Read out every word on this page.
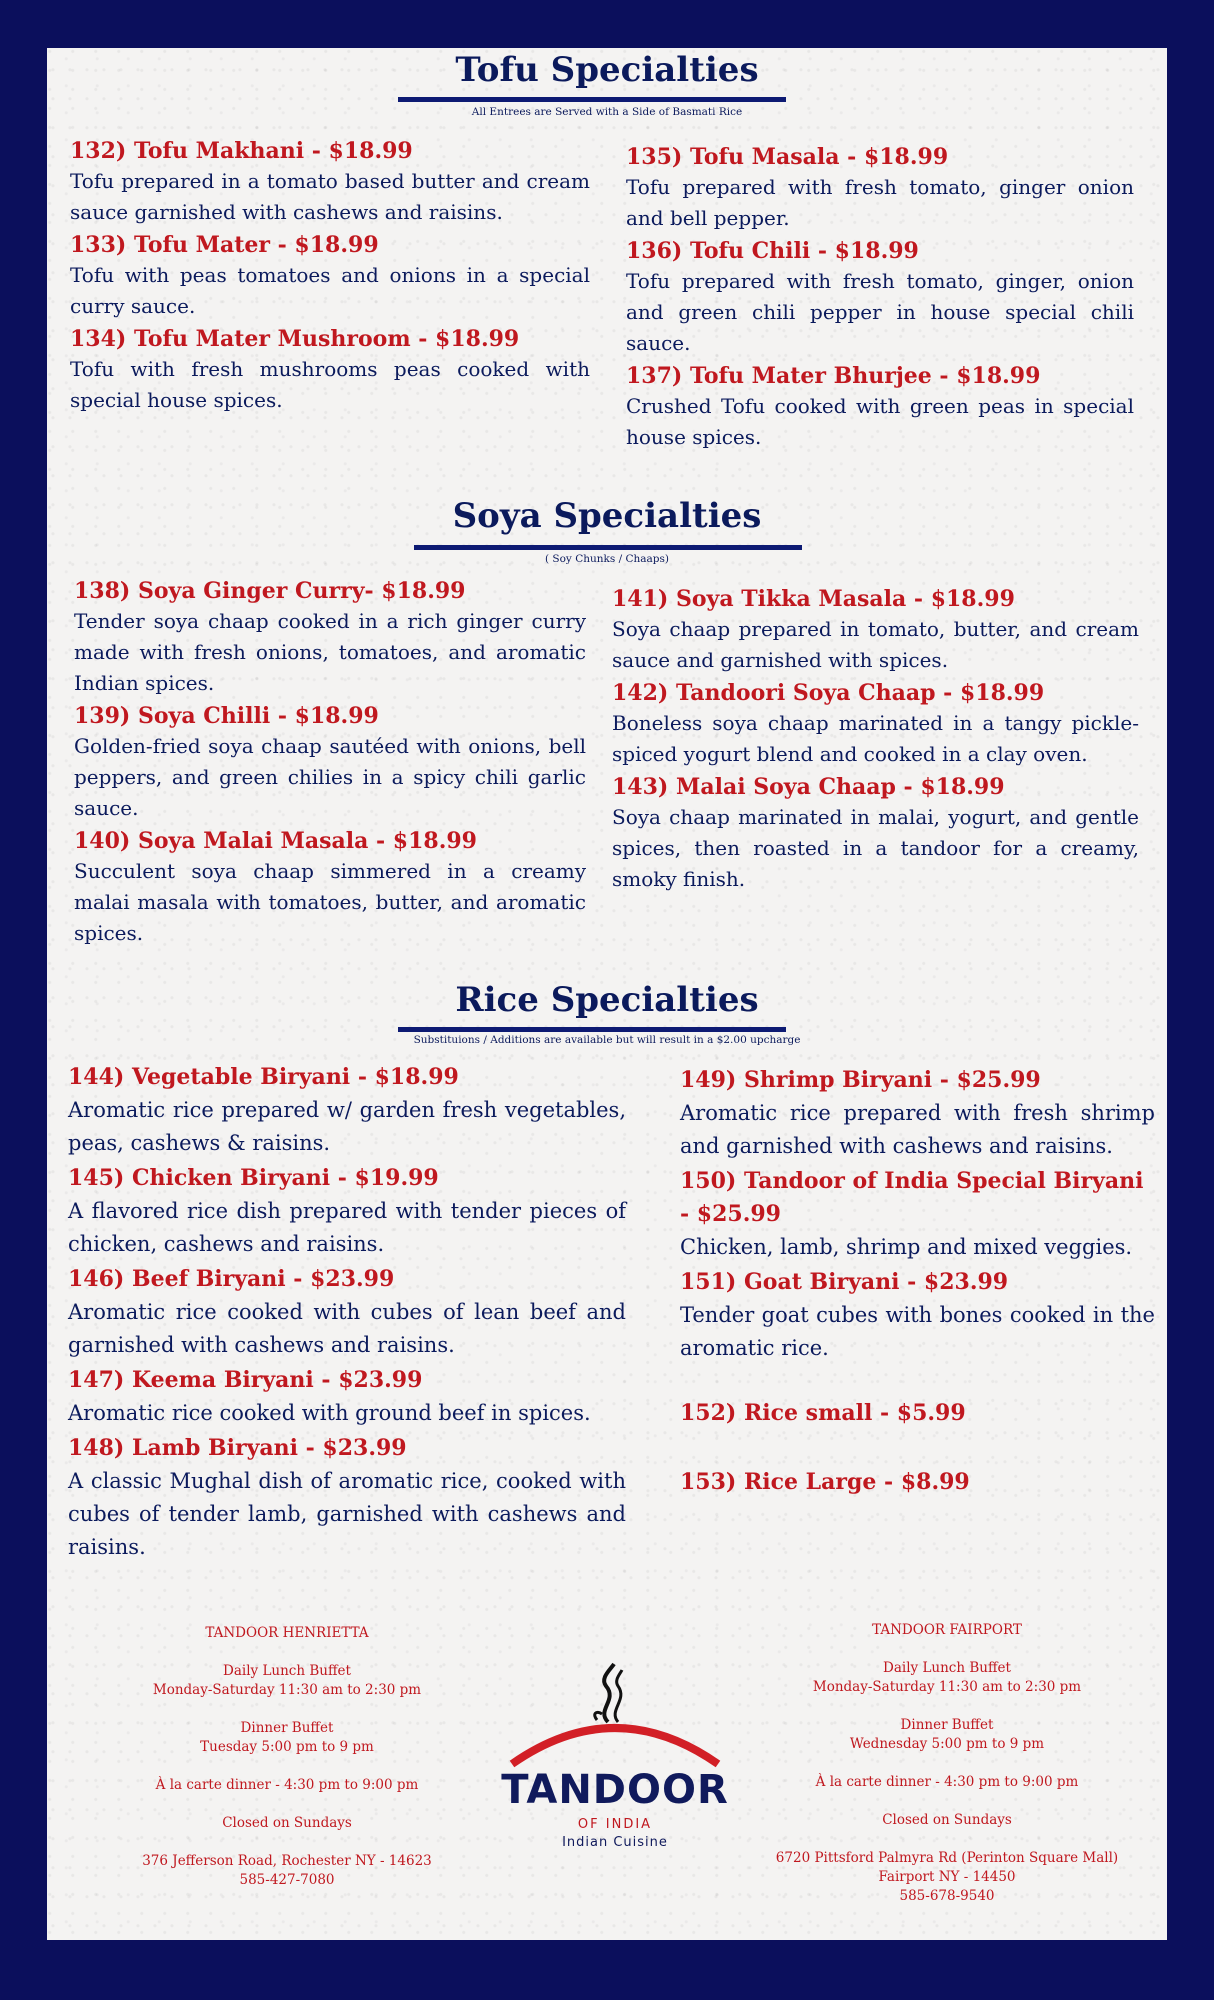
Tofu Specialties

All Entrees are Served with a Side of Basmati Rice

132) Tofu Makhani - $18.99

Tofu prepared in a tomato based butter and cream sauce garnished with cashews and raisins.

133) Tofu Mater - $18.99

Tofu with peas tomatoes and onions in a special curry sauce.

134) Tofu Mater Mushroom - $18.99

Tofu with fresh mushrooms peas cooked with special house spices.

135) Tofu Masala - $18.99

Tofu prepared with fresh tomato, ginger onion and bell pepper.

136) Tofu Chili - $18.99

Tofu prepared with fresh tomato, ginger, onion and green chili pepper in house special chili sauce.

137) Tofu Mater Bhurjee - $18.99

Crushed Tofu cooked with green peas in special house spices.

Soya Specialties

( Soy Chunks / Chaaps)

138) Soya Ginger Curry- $18.99

Tender soya chaap cooked in a rich ginger curry made with fresh onions, tomatoes, and aromatic Indian spices.

139) Soya Chilli - $18.99

Golden-fried soya chaap sautéed with onions, bell peppers, and green chilies in a spicy chili garlic sauce.

140) Soya Malai Masala - $18.99

Succulent soya chaap simmered in a creamy malai masala with tomatoes, butter, and aromatic spices.

141) Soya Tikka Masala - $18.99

Soya chaap prepared in tomato, butter, and cream sauce and garnished with spices.

142) Tandoori Soya Chaap - $18.99

Boneless soya chaap marinated in a tangy pickle-spiced yogurt blend and cooked in a clay oven.

143) Malai Soya Chaap - $18.99

Soya chaap marinated in malai, yogurt, and gentle spices, then roasted in a tandoor for a creamy, smoky finish.

Rice Specialties

Substituions / Additions are available but will result in a $2.00 upcharge

144) Vegetable Biryani - $18.99

Aromatic rice prepared w/ garden fresh vegetables, peas, cashews & raisins.

145) Chicken Biryani - $19.99

A flavored rice dish prepared with tender pieces of chicken, cashews and raisins.

146) Beef Biryani - $23.99

Aromatic rice cooked with cubes of lean beef and garnished with cashews and raisins.

147) Keema Biryani - $23.99

Aromatic rice cooked with ground beef in spices.

148) Lamb Biryani - $23.99

A classic Mughal dish of aromatic rice, cooked with cubes of tender lamb, garnished with cashews and raisins.

149) Shrimp Biryani - $25.99

Aromatic rice prepared with fresh shrimp and garnished with cashews and raisins.

150) Tandoor of India Special Biryani - $25.99

Chicken, lamb, shrimp and mixed veggies.

151) Goat Biryani - $23.99

Tender goat cubes with bones cooked in the aromatic rice.

152) Rice small - $5.99

153) Rice Large - $8.99

TANDOOR HENRIETTA

Daily Lunch Buffet

Monday-Saturday 11:30 am to 2:30 pm

Dinner Buffet

Tuesday 5:00 pm to 9 pm

À la carte dinner - 4:30 pm to 9:00 pm

Closed on Sundays

376 Jefferson Road, Rochester NY - 14623

585-427-7080

TANDOOR
OF INDIA
Indian Cuisine

TANDOOR FAIRPORT

Daily Lunch Buffet

Monday-Saturday 11:30 am to 2:30 pm

Dinner Buffet

Wednesday 5:00 pm to 9 pm

À la carte dinner - 4:30 pm to 9:00 pm

Closed on Sundays

6720 Pittsford Palmyra Rd (Perinton Square Mall)

Fairport NY - 14450

585-678-9540
